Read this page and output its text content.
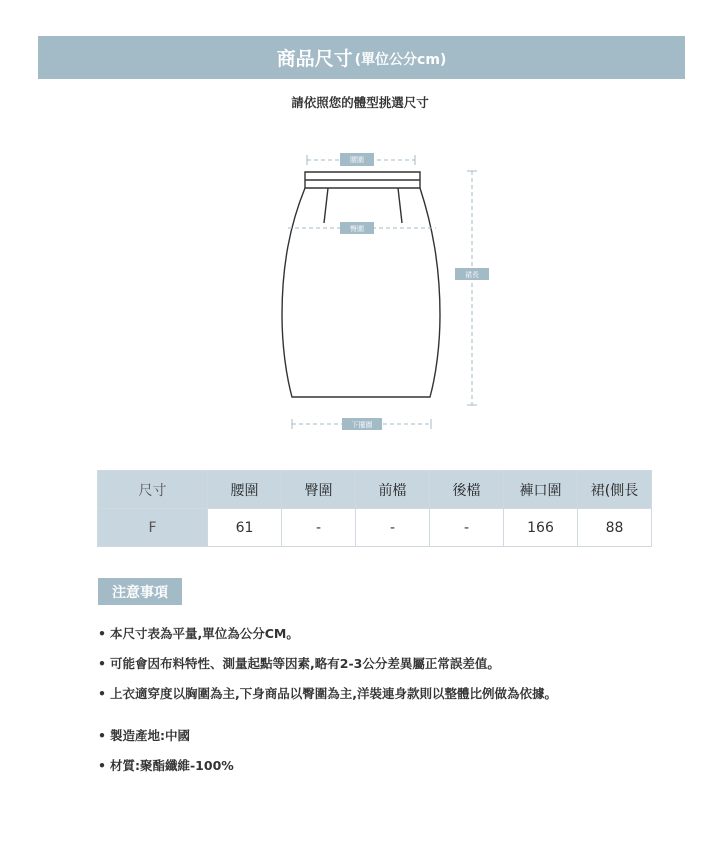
商品尺寸 (單位公分cm)
請依照您的體型挑選尺寸
腰圍
臀圍
裙長
下擺圍
尺寸	腰圍	臀圍	前檔	後檔	褲口圍	裙(側長
F	61	-	-	-	166	88
注意事項
• 本尺寸表為平量,單位為公分CM。
• 可能會因布料特性、測量起點等因素,略有2-3公分差異屬正常誤差值。
• 上衣適穿度以胸圍為主,下身商品以臀圍為主,洋裝連身款則以整體比例做為依據。
• 製造產地:中國
• 材質:聚酯纖維-100%
